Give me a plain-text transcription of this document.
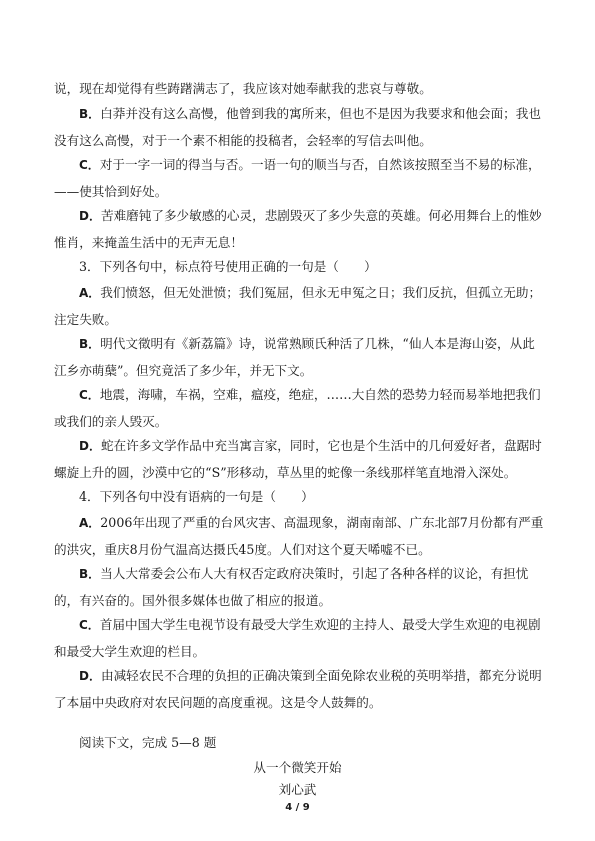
说，现在却觉得有些踌躇满志了，我应该对她奉献我的悲哀与尊敬。

B．白莽并没有这么高慢，他曾到我的寓所来，但也不是因为我要求和他会面；我也没有这么高慢，对于一个素不相能的投稿者，会轻率的写信去叫他。

C．对于一字一词的得当与否。一语一句的顺当与否，自然该按照至当不易的标准，——使其恰到好处。

D．苦难磨钝了多少敏感的心灵，悲剧毁灭了多少失意的英雄。何必用舞台上的惟妙惟肖，来掩盖生活中的无声无息！

3．下列各句中，标点符号使用正确的一句是（　　）

A．我们愤怒，但无处泄愤；我们冤屈，但永无申冤之日；我们反抗，但孤立无助；注定失败。

B．明代文徵明有《新荔篇》诗，说常熟顾氏种活了几株，“仙人本是海山姿，从此江乡亦萌蘖”。但究竟活了多少年，并无下文。

C．地震，海啸，车祸，空难，瘟疫，绝症，……大自然的恐势力轻而易举地把我们或我们的亲人毁灭。

D．蛇在许多文学作品中充当寓言家，同时，它也是个生活中的几何爱好者，盘踞时螺旋上升的圆，沙漠中它的“S”形移动，草丛里的蛇像一条线那样笔直地滑入深处。

4．下列各句中没有语病的一句是（　　）

A．2006年出现了严重的台风灾害、高温现象，湖南南部、广东北部7月份都有严重的洪灾，重庆8月份气温高达摄氏45度。人们对这个夏天唏嘘不已。

B．当人大常委会公布人大有权否定政府决策时，引起了各种各样的议论，有担忧的，有兴奋的。国外很多媒体也做了相应的报道。

C．首届中国大学生电视节设有最受大学生欢迎的主持人、最受大学生欢迎的电视剧和最受大学生欢迎的栏目。

D．由减轻农民不合理的负担的正确决策到全面免除农业税的英明举措，都充分说明了本届中央政府对农民问题的高度重视。这是令人鼓舞的。

阅读下文，完成 5—8 题

从一个微笑开始
刘心武
4 / 9
